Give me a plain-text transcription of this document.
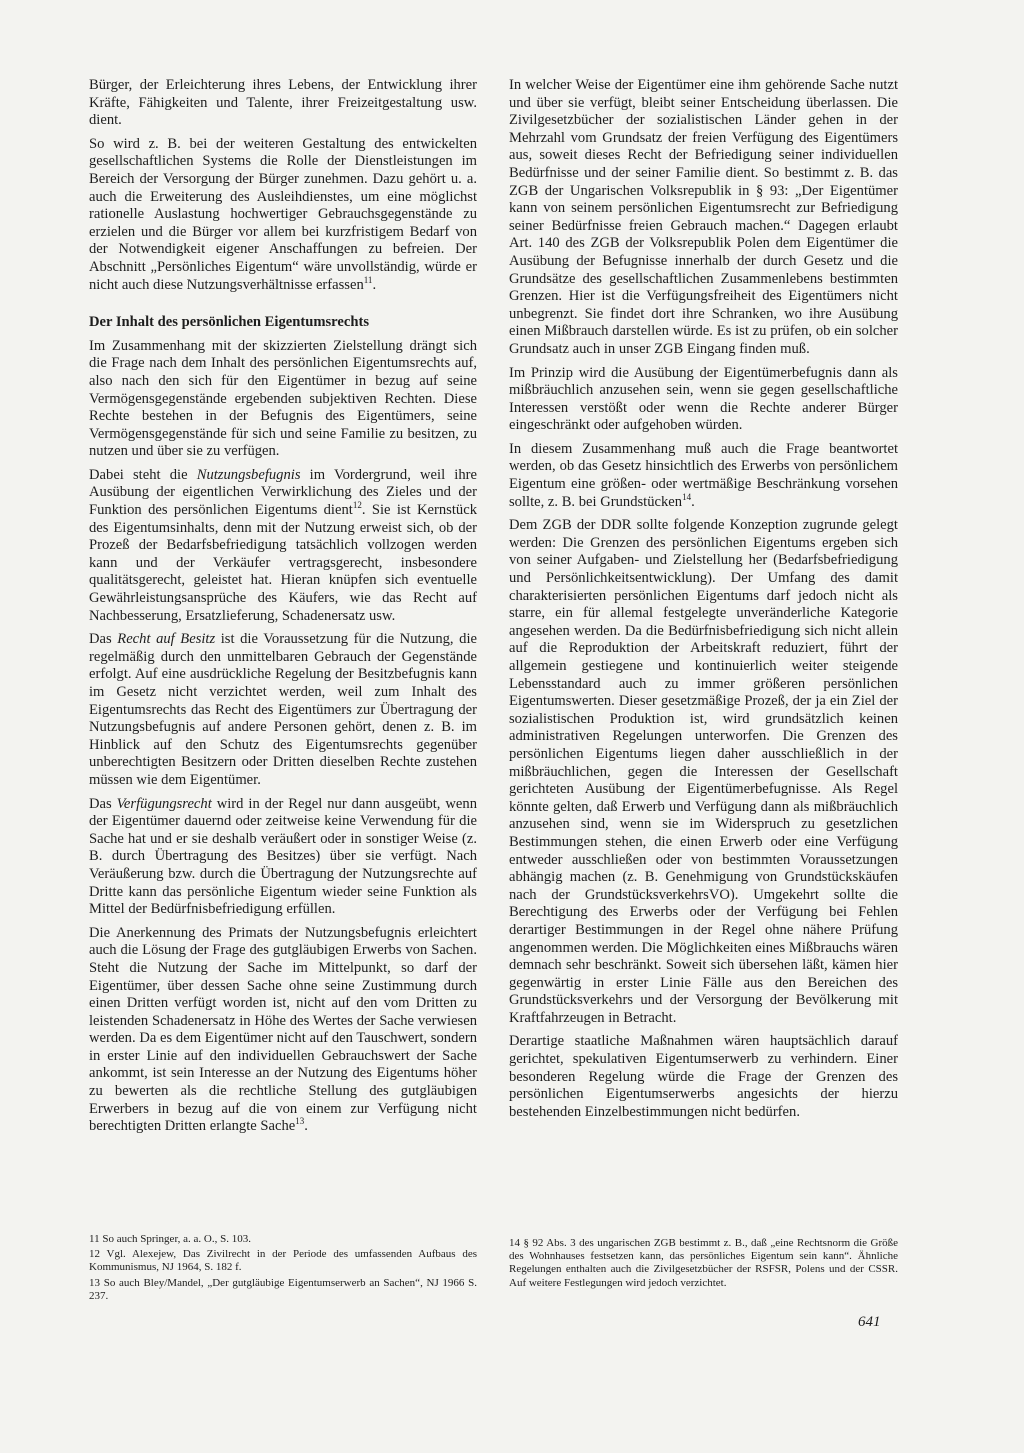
Bürger, der Erleichterung ihres Lebens, der Entwicklung ihrer Kräfte, Fähigkeiten und Talente, ihrer Freizeitgestaltung usw. dient.

So wird z. B. bei der weiteren Gestaltung des entwickelten gesellschaftlichen Systems die Rolle der Dienstleistungen im Bereich der Versorgung der Bürger zunehmen. Dazu gehört u. a. auch die Erweiterung des Ausleihdienstes, um eine möglichst rationelle Auslastung hochwertiger Gebrauchsgegenstände zu erzielen und die Bürger vor allem bei kurzfristigem Bedarf von der Notwendigkeit eigener Anschaffungen zu befreien. Der Abschnitt „Persönliches Eigentum“ wäre unvollständig, würde er nicht auch diese Nutzungsverhältnisse erfassen$^{11}$.

Der Inhalt des persönlichen Eigentumsrechts

Im Zusammenhang mit der skizzierten Zielstellung drängt sich die Frage nach dem Inhalt des persönlichen Eigentumsrechts auf, also nach den sich für den Eigentümer in bezug auf seine Vermögensgegenstände ergebenden subjektiven Rechten. Diese Rechte bestehen in der Befugnis des Eigentümers, seine Vermögensgegenstände für sich und seine Familie zu besitzen, zu nutzen und über sie zu verfügen.

Dabei steht die Nutzungsbefugnis im Vordergrund, weil ihre Ausübung der eigentlichen Verwirklichung des Zieles und der Funktion des persönlichen Eigentums dient$^{12}$. Sie ist Kernstück des Eigentumsinhalts, denn mit der Nutzung erweist sich, ob der Prozeß der Bedarfsbefriedigung tatsächlich vollzogen werden kann und der Verkäufer vertragsgerecht, insbesondere qualitätsgerecht, geleistet hat. Hieran knüpfen sich eventuelle Gewährleistungsansprüche des Käufers, wie das Recht auf Nachbesserung, Ersatzlieferung, Schadenersatz usw.

Das Recht auf Besitz ist die Voraussetzung für die Nutzung, die regelmäßig durch den unmittelbaren Gebrauch der Gegenstände erfolgt. Auf eine ausdrückliche Regelung der Besitzbefugnis kann im Gesetz nicht verzichtet werden, weil zum Inhalt des Eigentumsrechts das Recht des Eigentümers zur Übertragung der Nutzungsbefugnis auf andere Personen gehört, denen z. B. im Hinblick auf den Schutz des Eigentumsrechts gegenüber unberechtigten Besitzern oder Dritten dieselben Rechte zustehen müssen wie dem Eigentümer.

Das Verfügungsrecht wird in der Regel nur dann ausgeübt, wenn der Eigentümer dauernd oder zeitweise keine Verwendung für die Sache hat und er sie deshalb veräußert oder in sonstiger Weise (z. B. durch Übertragung des Besitzes) über sie verfügt. Nach Veräußerung bzw. durch die Übertragung der Nutzungsrechte auf Dritte kann das persönliche Eigentum wieder seine Funktion als Mittel der Bedürfnisbefriedigung erfüllen.

Die Anerkennung des Primats der Nutzungsbefugnis erleichtert auch die Lösung der Frage des gutgläubigen Erwerbs von Sachen. Steht die Nutzung der Sache im Mittelpunkt, so darf der Eigentümer, über dessen Sache ohne seine Zustimmung durch einen Dritten verfügt worden ist, nicht auf den vom Dritten zu leistenden Schadenersatz in Höhe des Wertes der Sache verwiesen werden. Da es dem Eigentümer nicht auf den Tauschwert, sondern in erster Linie auf den individuellen Gebrauchswert der Sache ankommt, ist sein Interesse an der Nutzung des Eigentums höher zu bewerten als die rechtliche Stellung des gutgläubigen Erwerbers in bezug auf die von einem zur Verfügung nicht berechtigten Dritten erlangte Sache$^{13}$.

11 So auch Springer, a. a. O., S. 103.

12 Vgl. Alexejew, Das Zivilrecht in der Periode des umfassenden Aufbaus des Kommunismus, NJ 1964, S. 182 f.

13 So auch Bley/Mandel, „Der gutgläubige Eigentumserwerb an Sachen“, NJ 1966 S. 237.

In welcher Weise der Eigentümer eine ihm gehörende Sache nutzt und über sie verfügt, bleibt seiner Entscheidung überlassen. Die Zivilgesetzbücher der sozialistischen Länder gehen in der Mehrzahl vom Grundsatz der freien Verfügung des Eigentümers aus, soweit dieses Recht der Befriedigung seiner individuellen Bedürfnisse und der seiner Familie dient. So bestimmt z. B. das ZGB der Ungarischen Volksrepublik in § 93: „Der Eigentümer kann von seinem persönlichen Eigentumsrecht zur Befriedigung seiner Bedürfnisse freien Gebrauch machen.“ Dagegen erlaubt Art. 140 des ZGB der Volksrepublik Polen dem Eigentümer die Ausübung der Befugnisse innerhalb der durch Gesetz und die Grundsätze des gesellschaftlichen Zusammenlebens bestimmten Grenzen. Hier ist die Verfügungsfreiheit des Eigentümers nicht unbegrenzt. Sie findet dort ihre Schranken, wo ihre Ausübung einen Mißbrauch darstellen würde. Es ist zu prüfen, ob ein solcher Grundsatz auch in unser ZGB Eingang finden muß.

Im Prinzip wird die Ausübung der Eigentümerbefugnis dann als mißbräuchlich anzusehen sein, wenn sie gegen gesellschaftliche Interessen verstößt oder wenn die Rechte anderer Bürger eingeschränkt oder aufgehoben würden.

In diesem Zusammenhang muß auch die Frage beantwortet werden, ob das Gesetz hinsichtlich des Erwerbs von persönlichem Eigentum eine größen- oder wertmäßige Beschränkung vorsehen sollte, z. B. bei Grundstücken$^{14}$.

Dem ZGB der DDR sollte folgende Konzeption zugrunde gelegt werden: Die Grenzen des persönlichen Eigentums ergeben sich von seiner Aufgaben- und Zielstellung her (Bedarfsbefriedigung und Persönlichkeitsentwicklung). Der Umfang des damit charakterisierten persönlichen Eigentums darf jedoch nicht als starre, ein für allemal festgelegte unveränderliche Kategorie angesehen werden. Da die Bedürfnisbefriedigung sich nicht allein auf die Reproduktion der Arbeitskraft reduziert, führt der allgemein gestiegene und kontinuierlich weiter steigende Lebensstandard auch zu immer größeren persönlichen Eigentumswerten. Dieser gesetzmäßige Prozeß, der ja ein Ziel der sozialistischen Produktion ist, wird grundsätzlich keinen administrativen Regelungen unterworfen. Die Grenzen des persönlichen Eigentums liegen daher ausschließlich in der mißbräuchlichen, gegen die Interessen der Gesellschaft gerichteten Ausübung der Eigentümerbefugnisse. Als Regel könnte gelten, daß Erwerb und Verfügung dann als mißbräuchlich anzusehen sind, wenn sie im Widerspruch zu gesetzlichen Bestimmungen stehen, die einen Erwerb oder eine Verfügung entweder ausschließen oder von bestimmten Voraussetzungen abhängig machen (z. B. Genehmigung von Grundstückskäufen nach der GrundstücksverkehrsVO). Umgekehrt sollte die Berechtigung des Erwerbs oder der Verfügung bei Fehlen derartiger Bestimmungen in der Regel ohne nähere Prüfung angenommen werden. Die Möglichkeiten eines Mißbrauchs wären demnach sehr beschränkt. Soweit sich übersehen läßt, kämen hier gegenwärtig in erster Linie Fälle aus den Bereichen des Grundstücksverkehrs und der Versorgung der Bevölkerung mit Kraftfahrzeugen in Betracht.

Derartige staatliche Maßnahmen wären hauptsächlich darauf gerichtet, spekulativen Eigentumserwerb zu verhindern. Einer besonderen Regelung würde die Frage der Grenzen des persönlichen Eigentumserwerbs angesichts der hierzu bestehenden Einzelbestimmungen nicht bedürfen.

14 § 92 Abs. 3 des ungarischen ZGB bestimmt z. B., daß „eine Rechtsnorm die Größe des Wohnhauses festsetzen kann, das persönliches Eigentum sein kann“. Ähnliche Regelungen enthalten auch die Zivilgesetzbücher der RSFSR, Polens und der CSSR. Auf weitere Festlegungen wird jedoch verzichtet.

641
